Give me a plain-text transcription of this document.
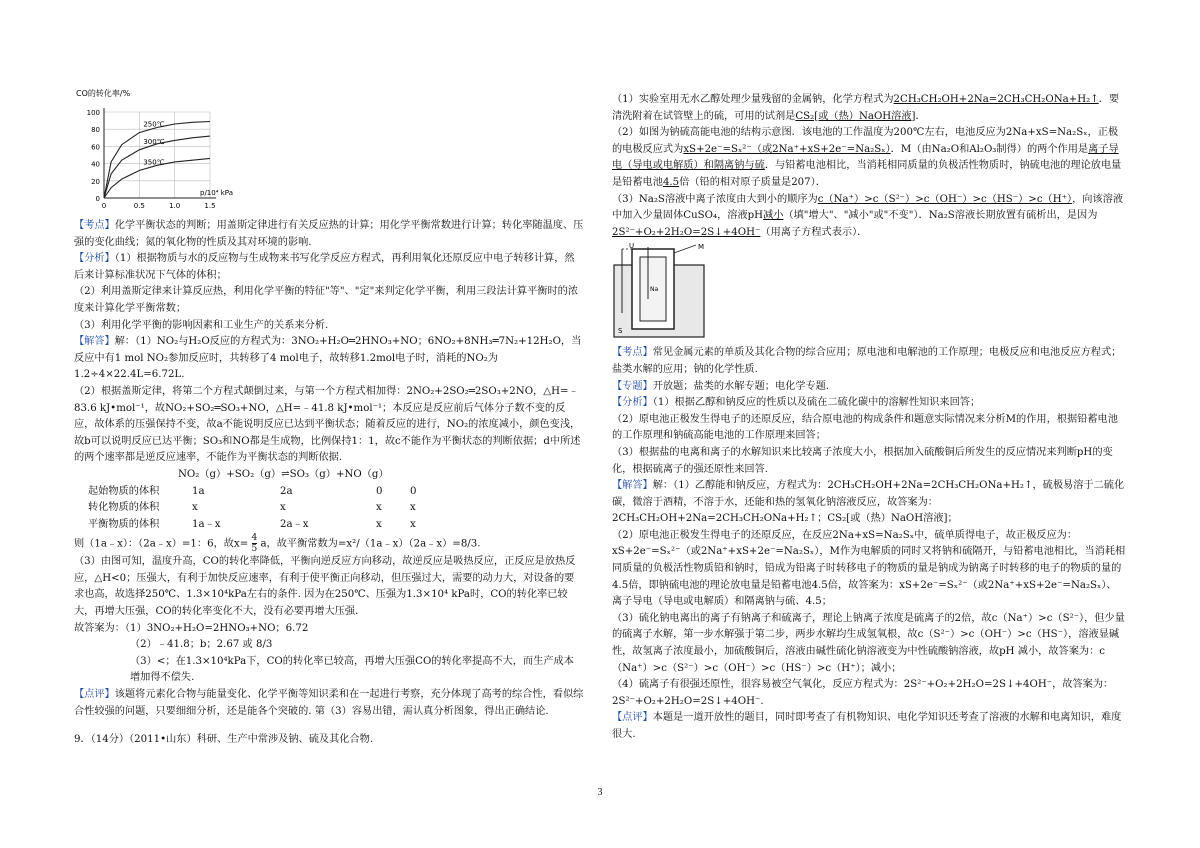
CO的转化率/%
0
20
40
60
80
100
0	0.5	1.0	1.5
p/10⁴ kPa
250℃
300℃
350℃

【考点】化学平衡状态的判断；用盖斯定律进行有关反应热的计算；用化学平衡常数进行计算；转化率随温度、压强的变化曲线；氮的氧化物的性质及其对环境的影响.

【分析】（1）根据物质与水的反应物与生成物来书写化学反应方程式，再利用氧化还原反应中电子转移计算，然后来计算标准状况下气体的体积；

（2）利用盖斯定律来计算反应热，利用化学平衡的特征"等"、"定"来判定化学平衡，利用三段法计算平衡时的浓度来计算化学平衡常数；

（3）利用化学平衡的影响因素和工业生产的关系来分析.

【解答】解：（1）NO₂与H₂O反应的方程式为：3NO₂+H₂O═2HNO₃+NO；6NO₂+8NH₃═7N₂+12H₂O，当反应中有1 mol NO₂参加反应时，共转移了4 mol电子，故转移1.2mol电子时，消耗的NO₂为1.2÷4×22.4L=6.72L.

（2）根据盖斯定律，将第二个方程式颠倒过来，与第一个方程式相加得：2NO₂+2SO₂═2SO₃+2NO，△H=﹣83.6 kJ•mol⁻¹，故NO₂+SO₂═SO₃+NO，△H=﹣41.8 kJ•mol⁻¹；本反应是反应前后气体分子数不变的反应，故体系的压强保持不变，故a不能说明反应已达到平衡状态；随着反应的进行，NO₂的浓度减小，颜色变浅，故b可以说明反应已达平衡；SO₃和NO都是生成物，比例保持1：1，故c不能作为平衡状态的判断依据；d中所述的两个速率都是逆反应速率，不能作为平衡状态的判断依据.

NO₂（g）+SO₂（g）⇌SO₃（g）+NO（g）

起始物质的体积	1a	2a	0	0
转化物质的体积	x	x	x	x
平衡物质的体积	1a﹣x	2a﹣x	x	x

则（1a﹣x）：（2a﹣x）=1：6，故$x= \frac{4}{5}$ a，故平衡常数为=x²/（1a﹣x）（2a﹣x）=8/3.

（3）由图可知，温度升高，CO的转化率降低，平衡向逆反应方向移动，故逆反应是吸热反应，正反应是放热反应，△H<0；压强大，有利于加快反应速率，有利于使平衡正向移动，但压强过大，需要的动力大，对设备的要求也高，故选择250℃、1.3×10⁴kPa左右的条件. 因为在250℃、压强为1.3×10⁴ kPa时，CO的转化率已较大，再增大压强，CO的转化率变化不大，没有必要再增大压强.

故答案为：（1）3NO₂+H₂O=2HNO₃+NO；6.72

（2）﹣41.8；b；2.67 或 8/3

（3）<；在1.3×10⁴kPa下，CO的转化率已较高，再增大压强CO的转化率提高不大，而生产成本增加得不偿失.

【点评】该题将元素化合物与能量变化、化学平衡等知识柔和在一起进行考察，充分体现了高考的综合性，看似综合性较强的问题，只要细细分析，还是能各个突破的. 第（3）容易出错，需认真分析图象，得出正确结论.

9．（14分）（2011•山东）科研、生产中常涉及钠、硫及其化合物.

（1）实验室用无水乙醇处理少量残留的金属钠，化学方程式为2CH₃CH₂OH+2Na=2CH₃CH₂ONa+H₂↑．要清洗附着在试管壁上的硫，可用的试剂是CS₂[或（热）NaOH溶液]．

（2）如图为钠硫高能电池的结构示意图．该电池的工作温度为200℃左右，电池反应为2Na+xS=Na₂Sₓ，正极的电极反应式为xS+2e⁻=Sₓ²⁻（或2Na⁺+xS+2e⁻=Na₂Sₓ）．M（由Na₂O和Al₂O₃制得）的两个作用是离子导电（导电或电解质）和隔离钠与硫．与铅蓄电池相比，当消耗相同质量的负极活性物质时，钠硫电池的理论放电量是铅蓄电池4.5倍（铅的相对原子质量是207）．

（3）Na₂S溶液中离子浓度由大到小的顺序为c（Na⁺）>c（S²⁻）>c（OH⁻）>c（HS⁻）>c（H⁺），向该溶液中加入少量固体CuSO₄，溶液pH减小（填"增大"、"减小"或"不变"）．Na₂S溶液长期放置有硫析出，是因为2S²⁻+O₂+2H₂O=2S↓+4OH⁻（用离子方程式表示）．

U	M
Na
S

【考点】常见金属元素的单质及其化合物的综合应用；原电池和电解池的工作原理；电极反应和电池反应方程式；盐类水解的应用；钠的化学性质.

【专题】开放题；盐类的水解专题；电化学专题.

【分析】（1）根据乙醇和钠反应的性质以及硫在二硫化碳中的溶解性知识来回答；

（2）原电池正极发生得电子的还原反应，结合原电池的构成条件和题意实际情况来分析M的作用，根据铅蓄电池的工作原理和钠硫高能电池的工作原理来回答；

（3）根据盐的电离和离子的水解知识来比较离子浓度大小，根据加入硫酸铜后所发生的反应情况来判断pH的变化，根据硫离子的强还原性来回答.

【解答】解：（1）乙醇能和钠反应，方程式为：2CH₃CH₂OH+2Na=2CH₃CH₂ONa+H₂↑，硫极易溶于二硫化碳，微溶于酒精，不溶于水，还能和热的氢氧化钠溶液反应，故答案为：

2CH₃CH₂OH+2Na=2CH₃CH₂ONa+H₂↑；CS₂[或（热）NaOH溶液]；

（2）原电池正极发生得电子的还原反应，在反应2Na+xS=Na₂Sₓ中，硫单质得电子，故正极反应为：xS+2e⁻=Sₓ²⁻（或2Na⁺+xS+2e⁻=Na₂Sₓ），M作为电解质的同时又将钠和硫隔开，与铅蓄电池相比，当消耗相同质量的负极活性物质铅和钠时，铅成为铅离子时转移电子的物质的量是钠成为钠离子时转移的电子的物质的量的4.5倍，即钠硫电池的理论放电量是铅蓄电池4.5倍，故答案为：xS+2e⁻=Sₓ²⁻（或2Na⁺+xS+2e⁻=Na₂Sₓ）、离子导电（导电或电解质）和隔离钠与硫、4.5；

（3）硫化钠电离出的离子有钠离子和硫离子，理论上钠离子浓度是硫离子的2倍，故c（Na⁺）>c（S²⁻），但少量的硫离子水解，第一步水解强于第二步，两步水解均生成氢氧根，故c（S²⁻）>c（OH⁻）>c（HS⁻），溶液显碱性，故氢离子浓度最小，加硫酸铜后，溶液由碱性硫化钠溶液变为中性硫酸钠溶液，故pH 减小，故答案为：c（Na⁺）>c（S²⁻）>c（OH⁻）>c（HS⁻）>c（H⁺）；减小；

（4）硫离子有很强还原性，很容易被空气氧化，反应方程式为：2S²⁻+O₂+2H₂O=2S↓+4OH⁻，故答案为：2S²⁻+O₂+2H₂O=2S↓+4OH⁻.

【点评】本题是一道开放性的题目，同时即考查了有机物知识、电化学知识还考查了溶液的水解和电离知识，难度很大.

3
